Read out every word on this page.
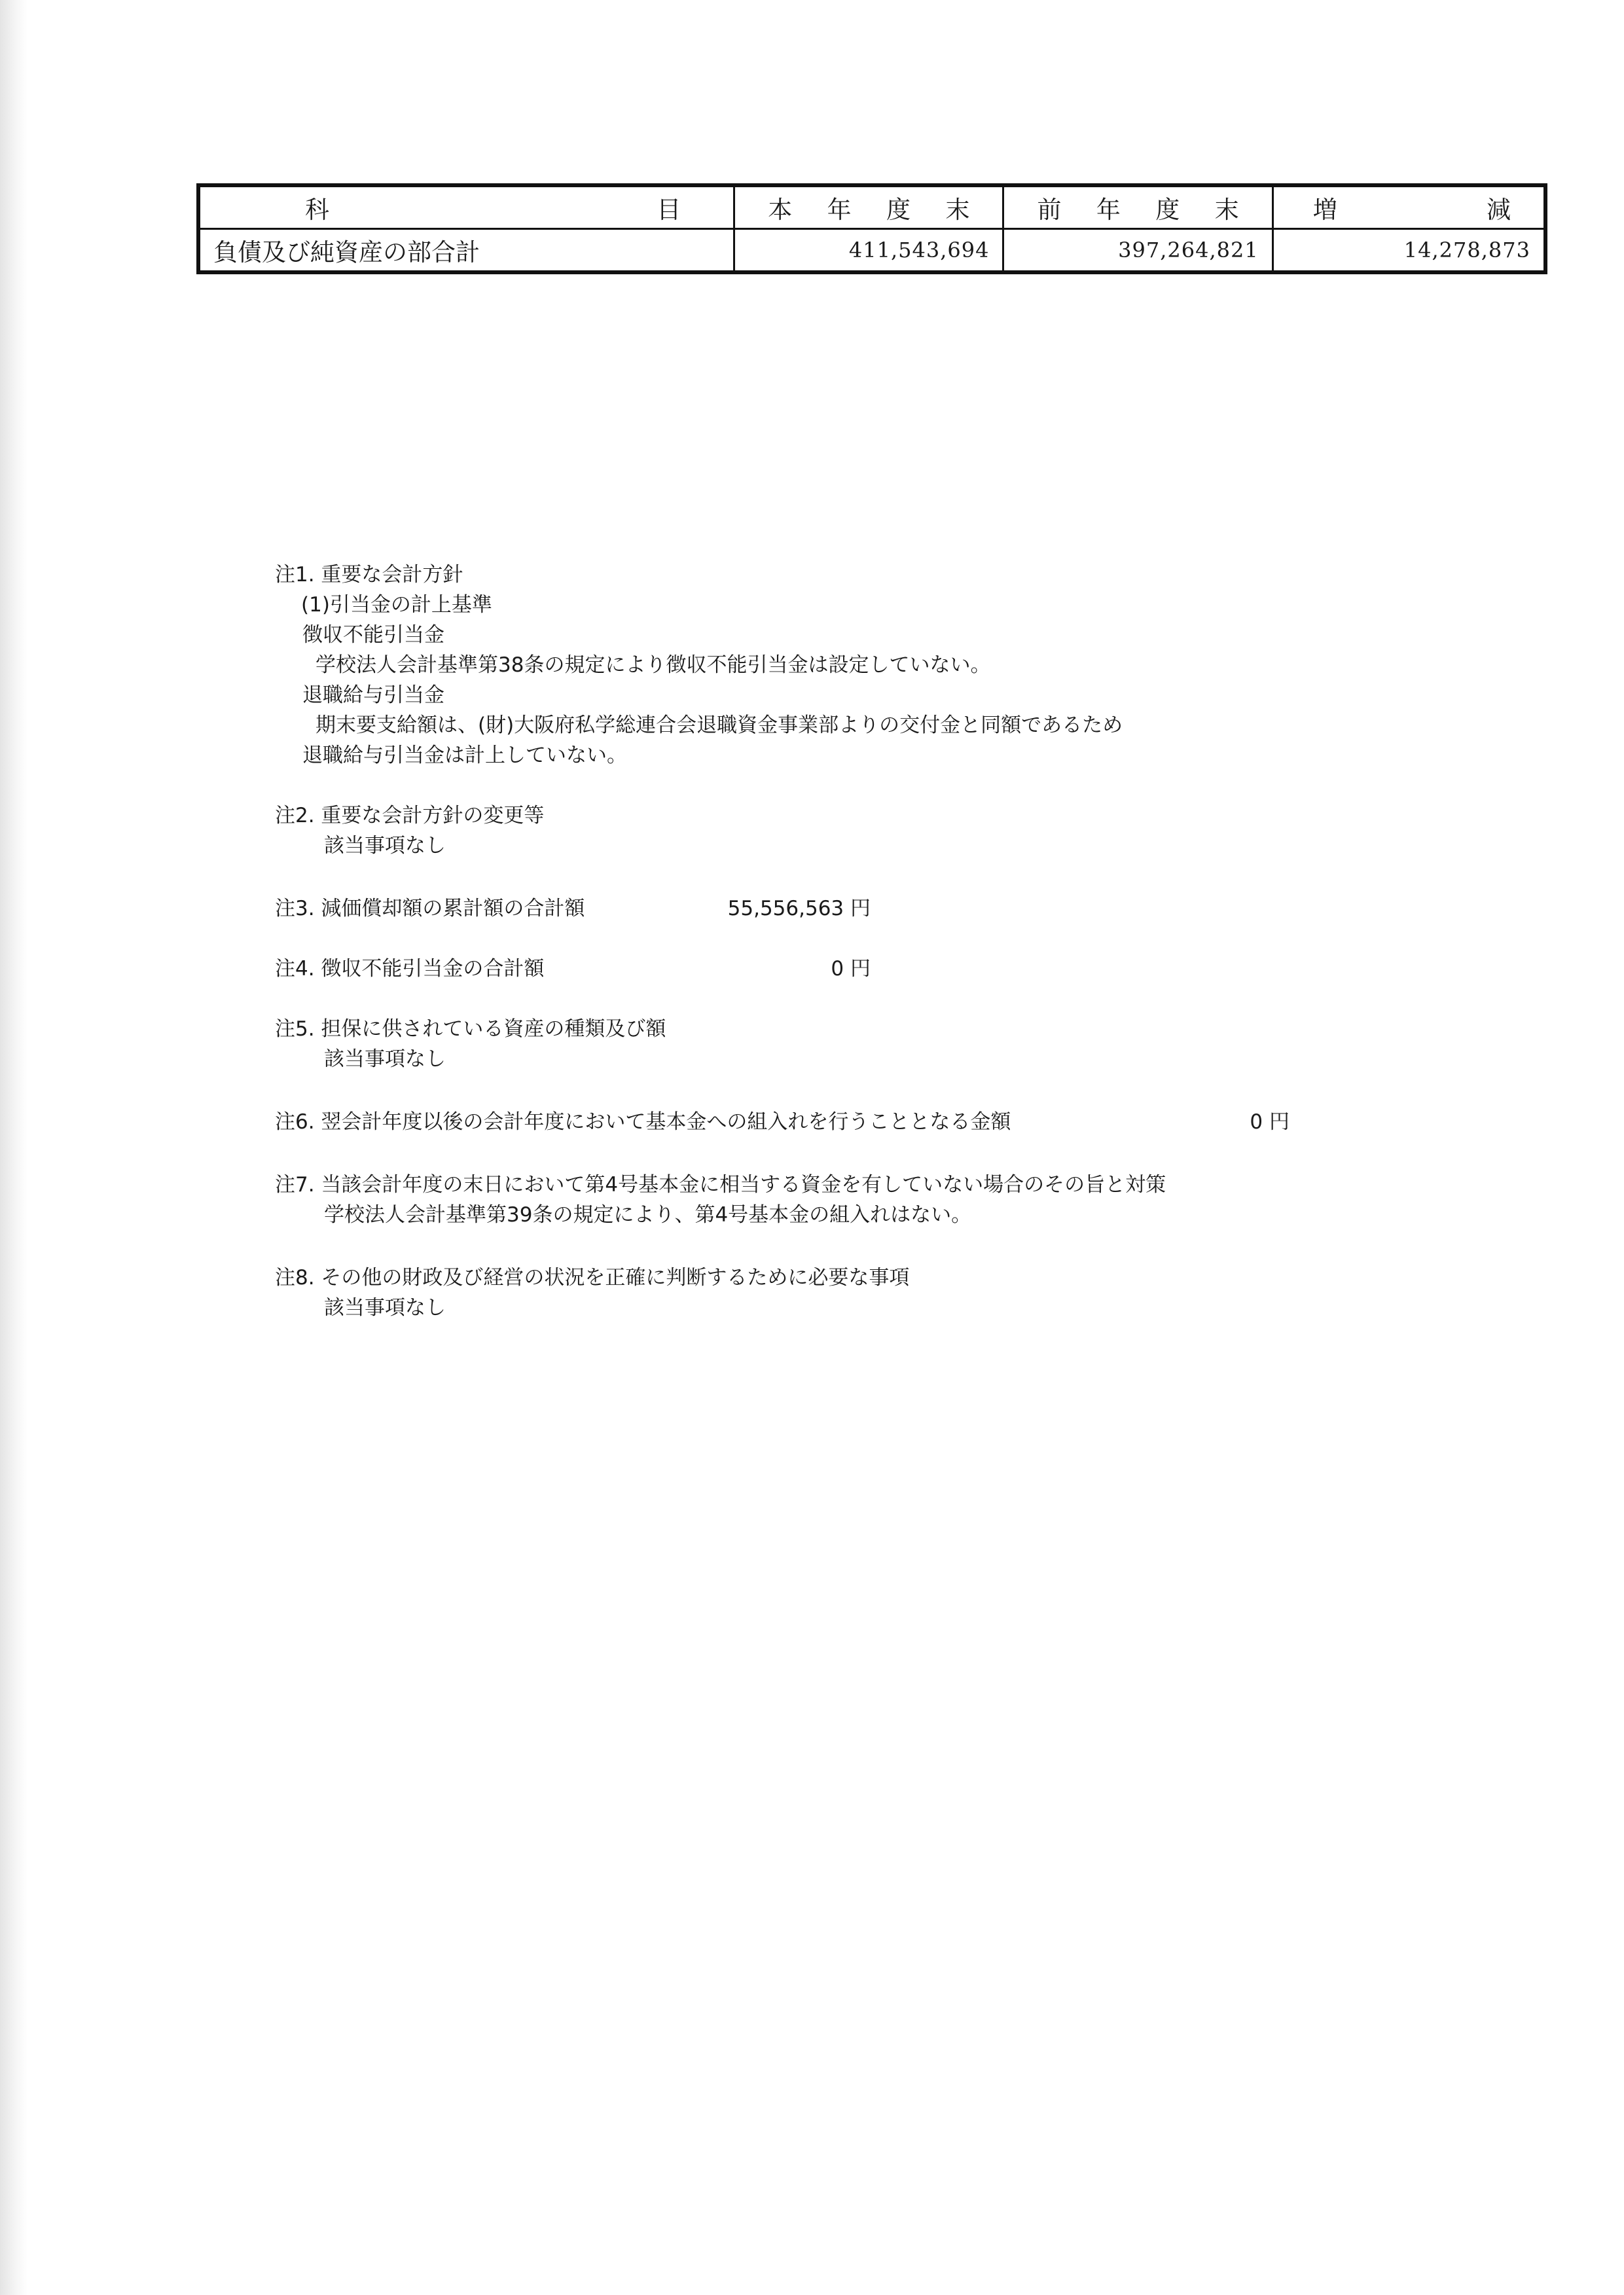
科 目	本 年 度 末	前 年 度 末	増 減

負債及び純資産の部合計	411,543,694	397,264,821	14,278,873

注1. 重要な会計方針

(1)引当金の計上基準

徴収不能引当金

学校法人会計基準第38条の規定により徴収不能引当金は設定していない。

退職給与引当金

期末要支給額は、(財)大阪府私学総連合会退職資金事業部よりの交付金と同額であるため

退職給与引当金は計上していない。

注2. 重要な会計方針の変更等

該当事項なし

注3. 減価償却額の累計額の合計額	55,556,563 円

注4. 徴収不能引当金の合計額	0 円

注5. 担保に供されている資産の種類及び額

該当事項なし

注6. 翌会計年度以後の会計年度において基本金への組入れを行うこととなる金額	0 円

注7. 当該会計年度の末日において第4号基本金に相当する資金を有していない場合のその旨と対策

学校法人会計基準第39条の規定により、第4号基本金の組入れはない。

注8. その他の財政及び経営の状況を正確に判断するために必要な事項

該当事項なし
